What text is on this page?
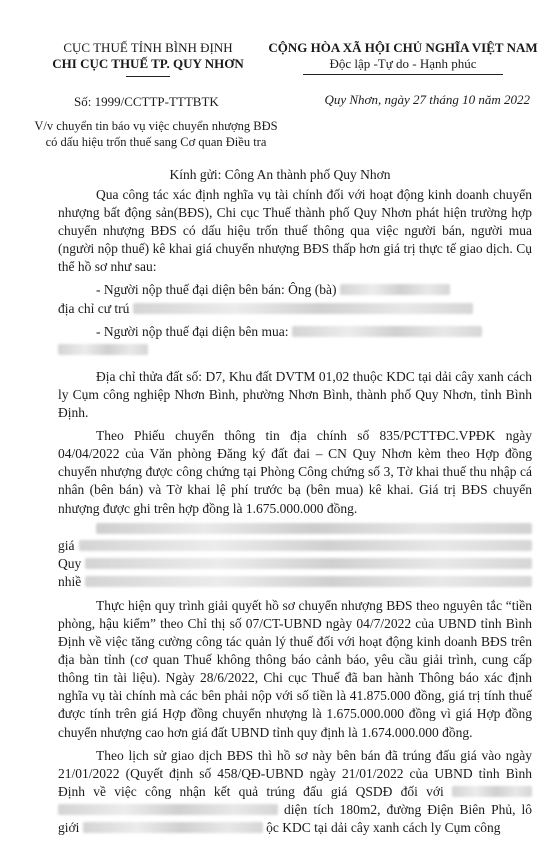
CỤC THUẾ TỈNH BÌNH ĐỊNH
CHI CỤC THUẾ TP. QUY NHƠN
CỘNG HÒA XÃ HỘI CHỦ NGHĨA VIỆT NAM
Độc lập -Tự do - Hạnh phúc
Số: 1999/CCTTP-TTTBTK	Quy Nhơn, ngày 27 tháng 10 năm 2022
V/v chuyển tin báo vụ việc chuyển nhượng BĐS
có dấu hiệu trốn thuế sang Cơ quan Điều tra
Kính gửi: Công An thành phố Quy Nhơn

Qua công tác xác định nghĩa vụ tài chính đối với hoạt động kinh doanh chuyển nhượng bất động sản(BĐS), Chi cục Thuế thành phố Quy Nhơn phát hiện trường hợp chuyển nhượng BĐS có dấu hiệu trốn thuế thông qua việc người bán, người mua (người nộp thuế) kê khai giá chuyển nhượng BĐS thấp hơn giá trị thực tế giao dịch. Cụ thể hồ sơ như sau:

- Người nộp thuế đại diện bên bán: Ông (bà)

địa chỉ cư trú

- Người nộp thuế đại diện bên mua:

Địa chỉ thửa đất số: D7, Khu đất DVTM 01,02 thuộc KDC tại dải cây xanh cách ly Cụm công nghiệp Nhơn Bình, phường Nhơn Bình, thành phố Quy Nhơn, tỉnh Bình Định.

Theo Phiếu chuyển thông tin địa chính số 835/PCTTĐC.VPĐK ngày 04/04/2022 của Văn phòng Đăng ký đất đai – CN Quy Nhơn kèm theo Hợp đồng chuyển nhượng được công chứng tại Phòng Công chứng số 3, Tờ khai thuế thu nhập cá nhân (bên bán) và Tờ khai lệ phí trước bạ (bên mua) kê khai. Giá trị BĐS chuyển nhượng được ghi trên hợp đồng là 1.675.000.000 đồng.

giá
Quy
nhiề

Thực hiện quy trình giải quyết hồ sơ chuyển nhượng BĐS theo nguyên tắc “tiền phòng, hậu kiểm” theo Chỉ thị số 07/CT-UBND ngày 04/7/2022 của UBND tỉnh Bình Định về việc tăng cường công tác quản lý thuế đối với hoạt động kinh doanh BĐS trên địa bàn tỉnh (cơ quan Thuế không thông báo cảnh báo, yêu cầu giải trình, cung cấp thông tin tài liệu). Ngày 28/6/2022, Chi cục Thuế đã ban hành Thông báo xác định nghĩa vụ tài chính mà các bên phải nộp với số tiền là 41.875.000 đồng, giá trị tính thuế được tính trên giá Hợp đồng chuyển nhượng là 1.675.000.000 đồng vì giá Hợp đồng chuyển nhượng cao hơn giá đất UBND tỉnh quy định là 1.674.000.000 đồng.

Theo lịch sử giao dịch BĐS thì hồ sơ này bên bán đã trúng đấu giá vào ngày 21/01/2022 (Quyết định số 458/QĐ-UBND ngày 21/01/2022 của UBND tỉnh Bình Định về việc công nhận kết quả trúng đấu giá QSDĐ đối với   diện tích 180m2, đường Điện Biên Phủ, lô giới	ộc KDC tại dải cây xanh cách ly Cụm công
